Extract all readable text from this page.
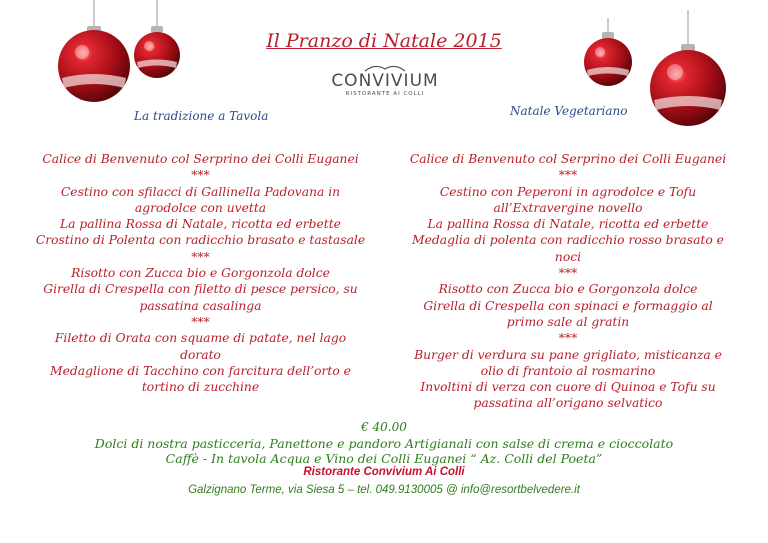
Il Pranzo di Natale 2015
CONVIVIUM
RISTORANTE AI COLLI
La tradizione a Tavola	Natale Vegetariano
Calice di Benvenuto col Serprino dei Colli Euganei
***
Cestino con sfilacci di Gallinella Padovana in
agrodolce con uvetta
La pallina Rossa di Natale, ricotta ed erbette
Crostino di Polenta con radicchio brasato e tastasale
***
Risotto con Zucca bio e Gorgonzola dolce
Girella di Crespella con filetto di pesce persico, su
passatina casalinga
***
Filetto di Orata con squame di patate, nel lago
dorato
Medaglione di Tacchino con farcitura dell’orto e
tortino di zucchine
Calice di Benvenuto col Serprino dei Colli Euganei
***
Cestino con Peperoni in agrodolce e Tofu
all’Extravergine novello
La pallina Rossa di Natale, ricotta ed erbette
Medaglia di polenta con radicchio rosso brasato e
noci
***
Risotto con Zucca bio e Gorgonzola dolce
Girella di Crespella con spinaci e formaggio al
primo sale al gratin
***
Burger di verdura su pane grigliato, misticanza e
olio di frantoio al rosmarino
Involtini di verza con cuore di Quinoa e Tofu su
passatina all’origano selvatico
€ 40.00
Dolci di nostra pasticceria, Panettone e pandoro Artigianali con salse di crema e cioccolato
Caffè - In tavola Acqua e Vino dei Colli Euganei “ Az. Colli del Poeta”
Ristorante Convivium Ai Colli
Galzignano Terme, via Siesa 5 – tel. 049.9130005 @ info@resortbelvedere.it
